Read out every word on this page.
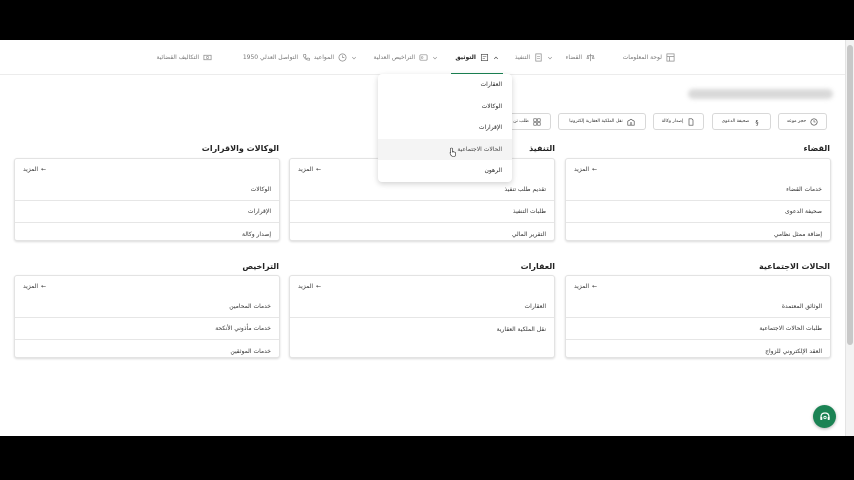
لوحة المعلومات
القضاء
التنفيذ
التوثيق
التراخيص العدلية
المواعيد
التواصل العدلي 1950
التكاليف القضائية
حجز موعد
§
صحيفة الدعوى
إصدار وكالة
نقل الملكية العقارية إلكترونيا
طلب تن
القضاء
التنفيذ
الوكالات والاقرارات
المزيد ←
خدمات القضاء
صحيفة الدعوى
إضافة ممثل نظامي
المزيد ←
تقديم طلب تنفيذ
طلبات التنفيذ
التقرير المالي
المزيد ←
الوكالات
الإقرارات
إصدار وكالة
الحالات الاجتماعية
العقارات
التراخيص
المزيد ←
الوثائق المعتمدة
طلبات الحالات الاجتماعية
العقد الإلكتروني للزواج
المزيد ←
العقارات
نقل الملكية العقارية
المزيد ←
خدمات المحامين
خدمات مأذوني الأنكحة
خدمات الموثقين
العقارات
الوكالات
الإقرارات
الحالات الاجتماعية
الرهون
